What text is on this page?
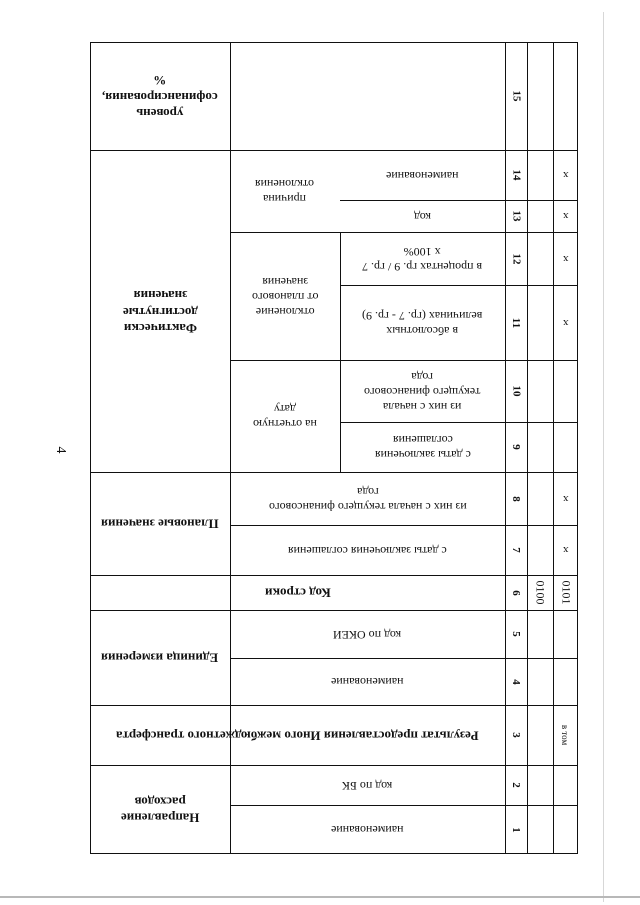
4
уровень
софинансирования,
%
Фактически
достигнутые
значения
причина
отклонения
наименование
код
отклонение
от планового
значения
в процентах гр. 9 / гр. 7
x 100%
в абсолютных
величинах (гр. 7 - гр. 9)
на отчетную
дату	из них с начала
текущего финансового
года
с даты заключения
соглашения
Плановые значения
из них с начала текущего финансового
года
с даты заключения соглашения
Код строки
Единица измерения
код по ОКЕИ
наименование
Результат предоставления Иного межбюджетного трансферта
Направление
расходов
код по БК
наименование
15
14
13
12
11
10
9
8
7
6
5
4
3
2
1
0100 0101
в том
x
x
x
x
x
x
